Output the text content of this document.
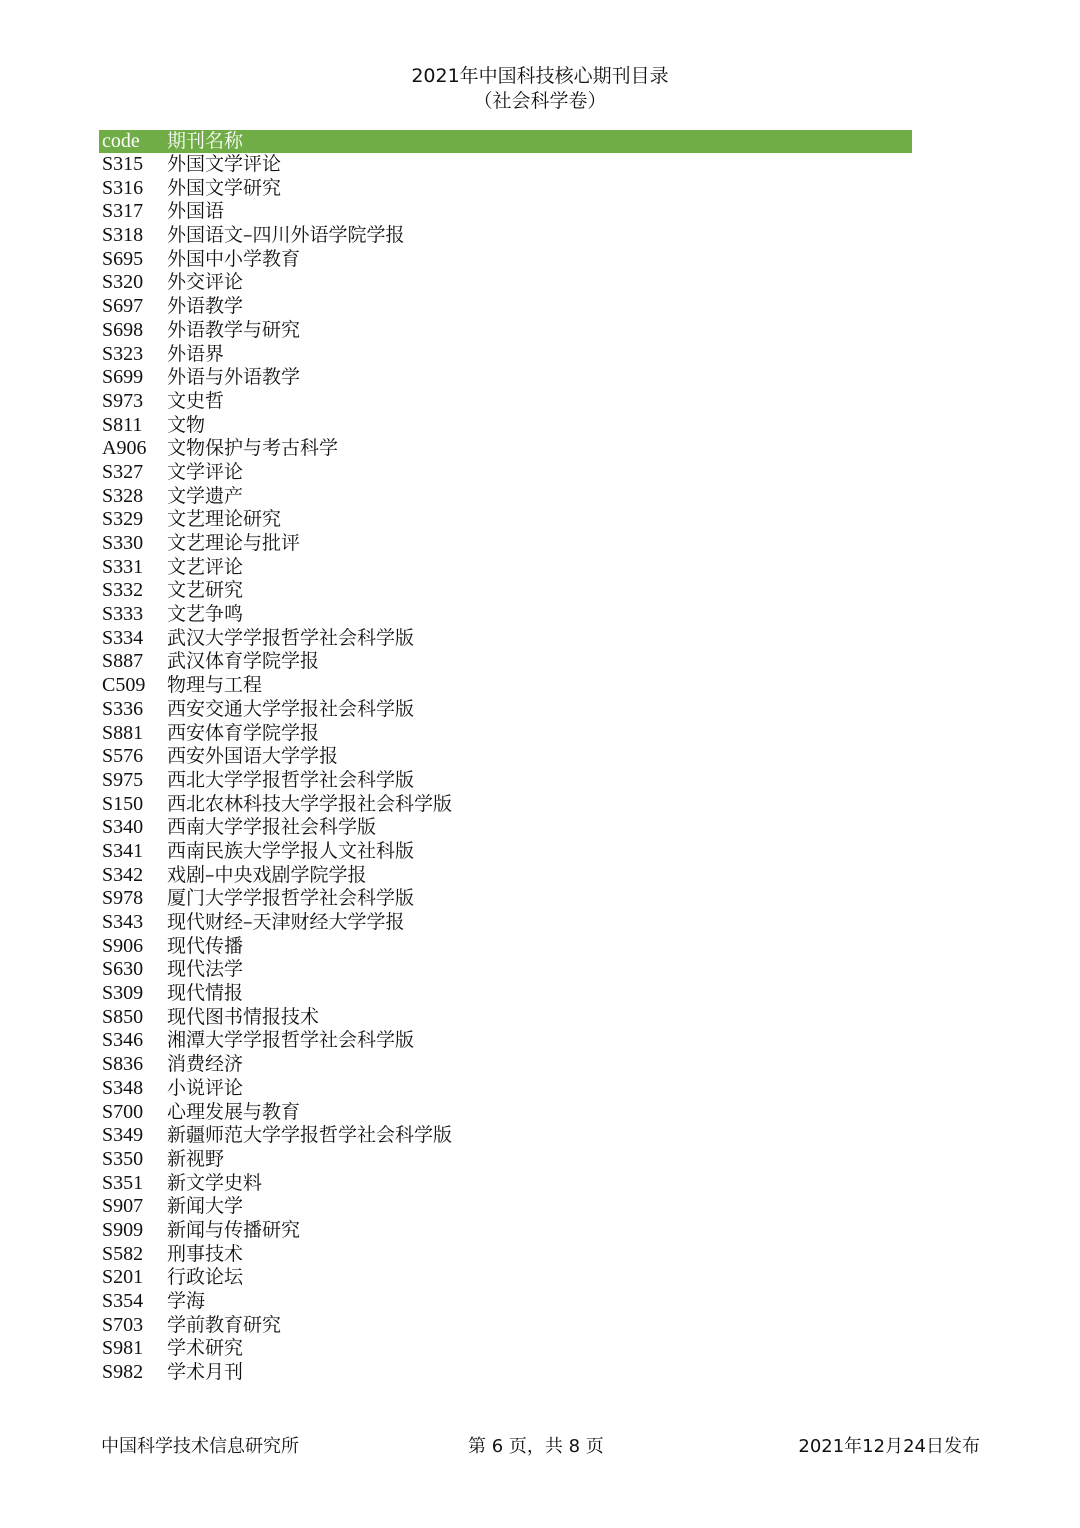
2021年中国科技核心期刊目录
（社会科学卷）
code	期刊名称
S315	外国文学评论
S316	外国文学研究
S317	外国语
S318	外国语文–四川外语学院学报
S695	外国中小学教育
S320	外交评论
S697	外语教学
S698	外语教学与研究
S323	外语界
S699	外语与外语教学
S973	文史哲
S811	文物
A906	文物保护与考古科学
S327	文学评论
S328	文学遗产
S329	文艺理论研究
S330	文艺理论与批评
S331	文艺评论
S332	文艺研究
S333	文艺争鸣
S334	武汉大学学报哲学社会科学版
S887	武汉体育学院学报
C509	物理与工程
S336	西安交通大学学报社会科学版
S881	西安体育学院学报
S576	西安外国语大学学报
S975	西北大学学报哲学社会科学版
S150	西北农林科技大学学报社会科学版
S340	西南大学学报社会科学版
S341	西南民族大学学报人文社科版
S342	戏剧–中央戏剧学院学报
S978	厦门大学学报哲学社会科学版
S343	现代财经–天津财经大学学报
S906	现代传播
S630	现代法学
S309	现代情报
S850	现代图书情报技术
S346	湘潭大学学报哲学社会科学版
S836	消费经济
S348	小说评论
S700	心理发展与教育
S349	新疆师范大学学报哲学社会科学版
S350	新视野
S351	新文学史料
S907	新闻大学
S909	新闻与传播研究
S582	刑事技术
S201	行政论坛
S354	学海
S703	学前教育研究
S981	学术研究
S982	学术月刊
中国科学技术信息研究所	第 6 页，共 8 页	2021年12月24日发布
